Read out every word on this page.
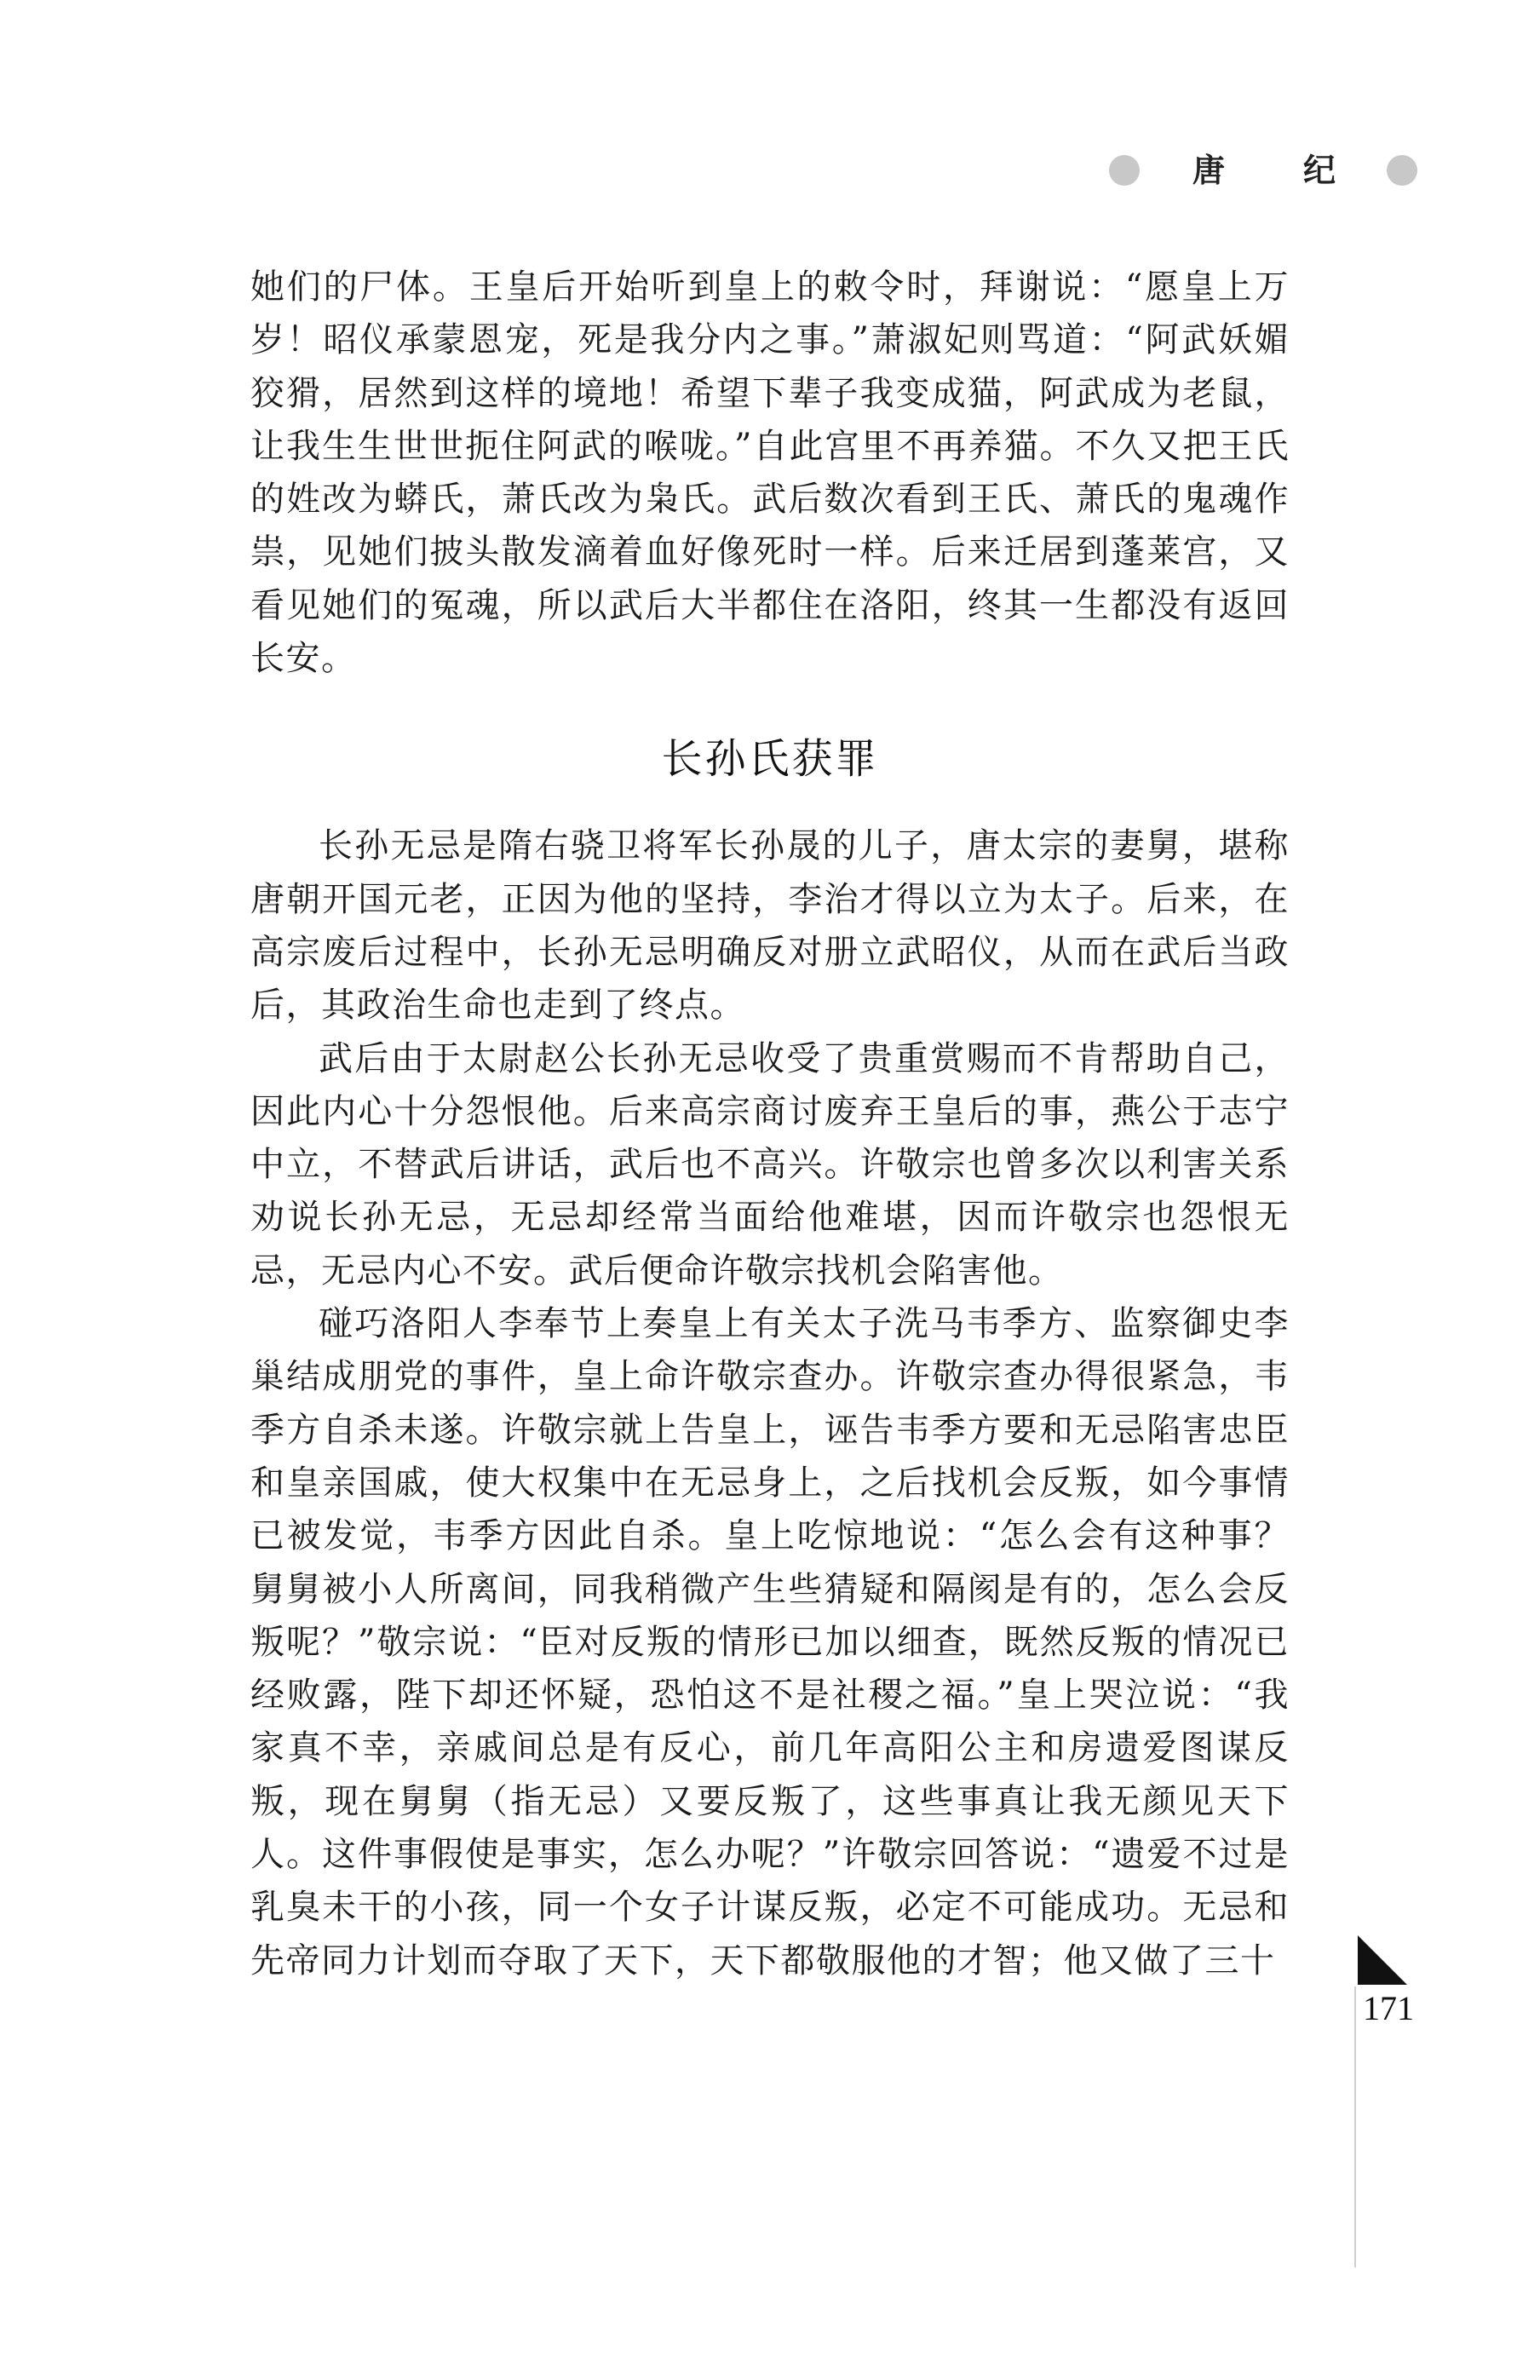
唐 纪

她们的尸体。王皇后开始听到皇上的敕令时，拜谢说：“愿皇上万岁！昭仪承蒙恩宠，死是我分内之事。”萧淑妃则骂道：“阿武妖媚狡猾，居然到这样的境地！希望下辈子我变成猫，阿武成为老鼠，让我生生世世扼住阿武的喉咙。”自此宫里不再养猫。不久又把王氏的姓改为蟒氏，萧氏改为枭氏。武后数次看到王氏、萧氏的鬼魂作祟，见她们披头散发滴着血好像死时一样。后来迁居到蓬莱宫，又看见她们的冤魂，所以武后大半都住在洛阳，终其一生都没有返回长安。

长孙氏获罪

长孙无忌是隋右骁卫将军长孙晟的儿子，唐太宗的妻舅，堪称唐朝开国元老，正因为他的坚持，李治才得以立为太子。后来，在高宗废后过程中，长孙无忌明确反对册立武昭仪，从而在武后当政后，其政治生命也走到了终点。

武后由于太尉赵公长孙无忌收受了贵重赏赐而不肯帮助自己，因此内心十分怨恨他。后来高宗商讨废弃王皇后的事，燕公于志宁中立，不替武后讲话，武后也不高兴。许敬宗也曾多次以利害关系劝说长孙无忌，无忌却经常当面给他难堪，因而许敬宗也怨恨无忌，无忌内心不安。武后便命许敬宗找机会陷害他。

碰巧洛阳人李奉节上奏皇上有关太子洗马韦季方、监察御史李巢结成朋党的事件，皇上命许敬宗查办。许敬宗查办得很紧急，韦季方自杀未遂。许敬宗就上告皇上，诬告韦季方要和无忌陷害忠臣和皇亲国戚，使大权集中在无忌身上，之后找机会反叛，如今事情已被发觉，韦季方因此自杀。皇上吃惊地说：“怎么会有这种事？舅舅被小人所离间，同我稍微产生些猜疑和隔阂是有的，怎么会反叛呢？”敬宗说：“臣对反叛的情形已加以细查，既然反叛的情况已经败露，陛下却还怀疑，恐怕这不是社稷之福。”皇上哭泣说：“我家真不幸，亲戚间总是有反心，前几年高阳公主和房遗爱图谋反叛，现在舅舅（指无忌）又要反叛了，这些事真让我无颜见天下人。这件事假使是事实，怎么办呢？”许敬宗回答说：“遗爱不过是乳臭未干的小孩，同一个女子计谋反叛，必定不可能成功。无忌和先帝同力计划而夺取了天下，天下都敬服他的才智；他又做了三十

171
